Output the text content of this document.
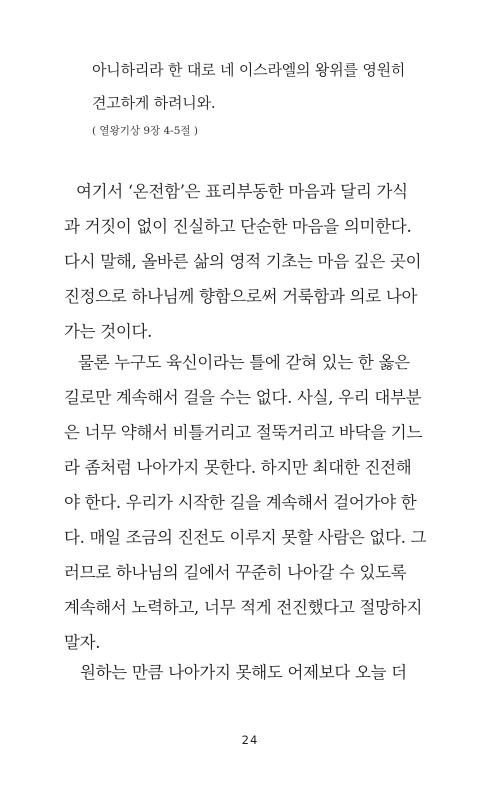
아니하리라 한 대로 네 이스라엘의 왕위를 영원히
견고하게 하려니와.
( 열왕기상 9장 4-5절 )
여기서 ‘온전함’은 표리부동한 마음과 달리 가식
과 거짓이 없이 진실하고 단순한 마음을 의미한다.
다시 말해, 올바른 삶의 영적 기초는 마음 깊은 곳이
진정으로 하나님께 향함으로써 거룩함과 의로 나아
가는 것이다.
물론 누구도 육신이라는 틀에 갇혀 있는 한 옳은
길로만 계속해서 걸을 수는 없다. 사실, 우리 대부분
은 너무 약해서 비틀거리고 절뚝거리고 바닥을 기느
라 좀처럼 나아가지 못한다. 하지만 최대한 진전해
야 한다. 우리가 시작한 길을 계속해서 걸어가야 한
다. 매일 조금의 진전도 이루지 못할 사람은 없다. 그
러므로 하나님의 길에서 꾸준히 나아갈 수 있도록
계속해서 노력하고, 너무 적게 전진했다고 절망하지
말자.
원하는 만큼 나아가지 못해도 어제보다 오늘 더
24
